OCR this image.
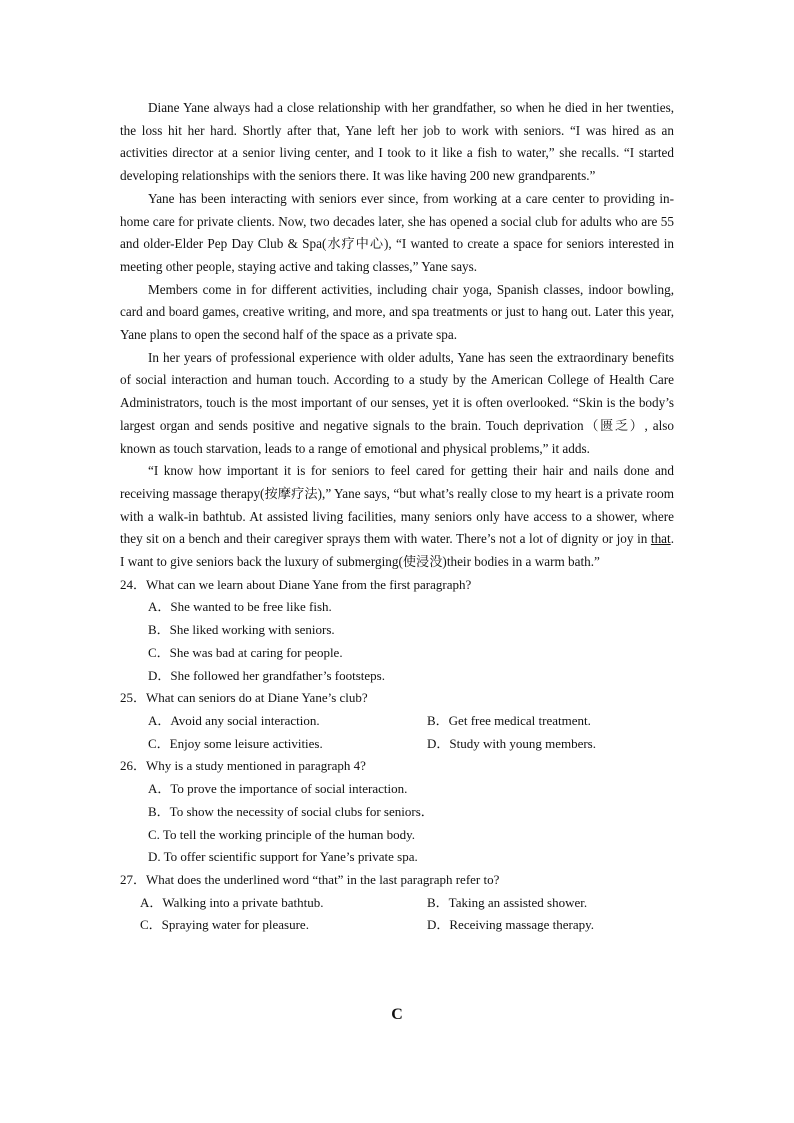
Diane Yane always had a close relationship with her grandfather, so when he died in her twenties, the loss hit her hard. Shortly after that, Yane left her job to work with seniors. “I was hired as an activities director at a senior living center, and I took to it like a fish to water,” she recalls. “I started developing relationships with the seniors there. It was like having 200 new grandparents.”

Yane has been interacting with seniors ever since, from working at a care center to providing in-home care for private clients. Now, two decades later, she has opened a social club for adults who are 55 and older-Elder Pep Day Club & Spa(水疗中心), “I wanted to create a space for seniors interested in meeting other people, staying active and taking classes,” Yane says.

Members come in for different activities, including chair yoga, Spanish classes, indoor bowling, card and board games, creative writing, and more, and spa treatments or just to hang out. Later this year, Yane plans to open the second half of the space as a private spa.

In her years of professional experience with older adults, Yane has seen the extraordinary benefits of social interaction and human touch. According to a study by the American College of Health Care Administrators, touch is the most important of our senses, yet it is often overlooked. “Skin is the body’s largest organ and sends positive and negative signals to the brain. Touch deprivation（匮乏）, also known as touch starvation, leads to a range of emotional and physical problems,” it adds.

“I know how important it is for seniors to feel cared for getting their hair and nails done and receiving massage therapy(按摩疗法),” Yane says, “but what’s really close to my heart is a private room with a walk-in bathtub. At assisted living facilities, many seniors only have access to a shower, where they sit on a bench and their caregiver sprays them with water. There’s not a lot of dignity or joy in that. I want to give seniors back the luxury of submerging(使浸没)their bodies in a warm bath.”

24．What can we learn about Diane Yane from the first paragraph?

A．She wanted to be free like fish.
B．She liked working with seniors.
C．She was bad at caring for people.
D．She followed her grandfather’s footsteps.

25．What can seniors do at Diane Yane’s club?

A．Avoid any social interaction.	B．Get free medical treatment.
C．Enjoy some leisure activities.	D．Study with young members.

26．Why is a study mentioned in paragraph 4?

A．To prove the importance of social interaction.
B．To show the necessity of social clubs for seniors．
C. To tell the working principle of the human body.
D. To offer scientific support for Yane’s private spa.

27．What does the underlined word “that” in the last paragraph refer to?

A．Walking into a private bathtub.	B．Taking an assisted shower.
C．Spraying water for pleasure.	D．Receiving massage therapy.
C
